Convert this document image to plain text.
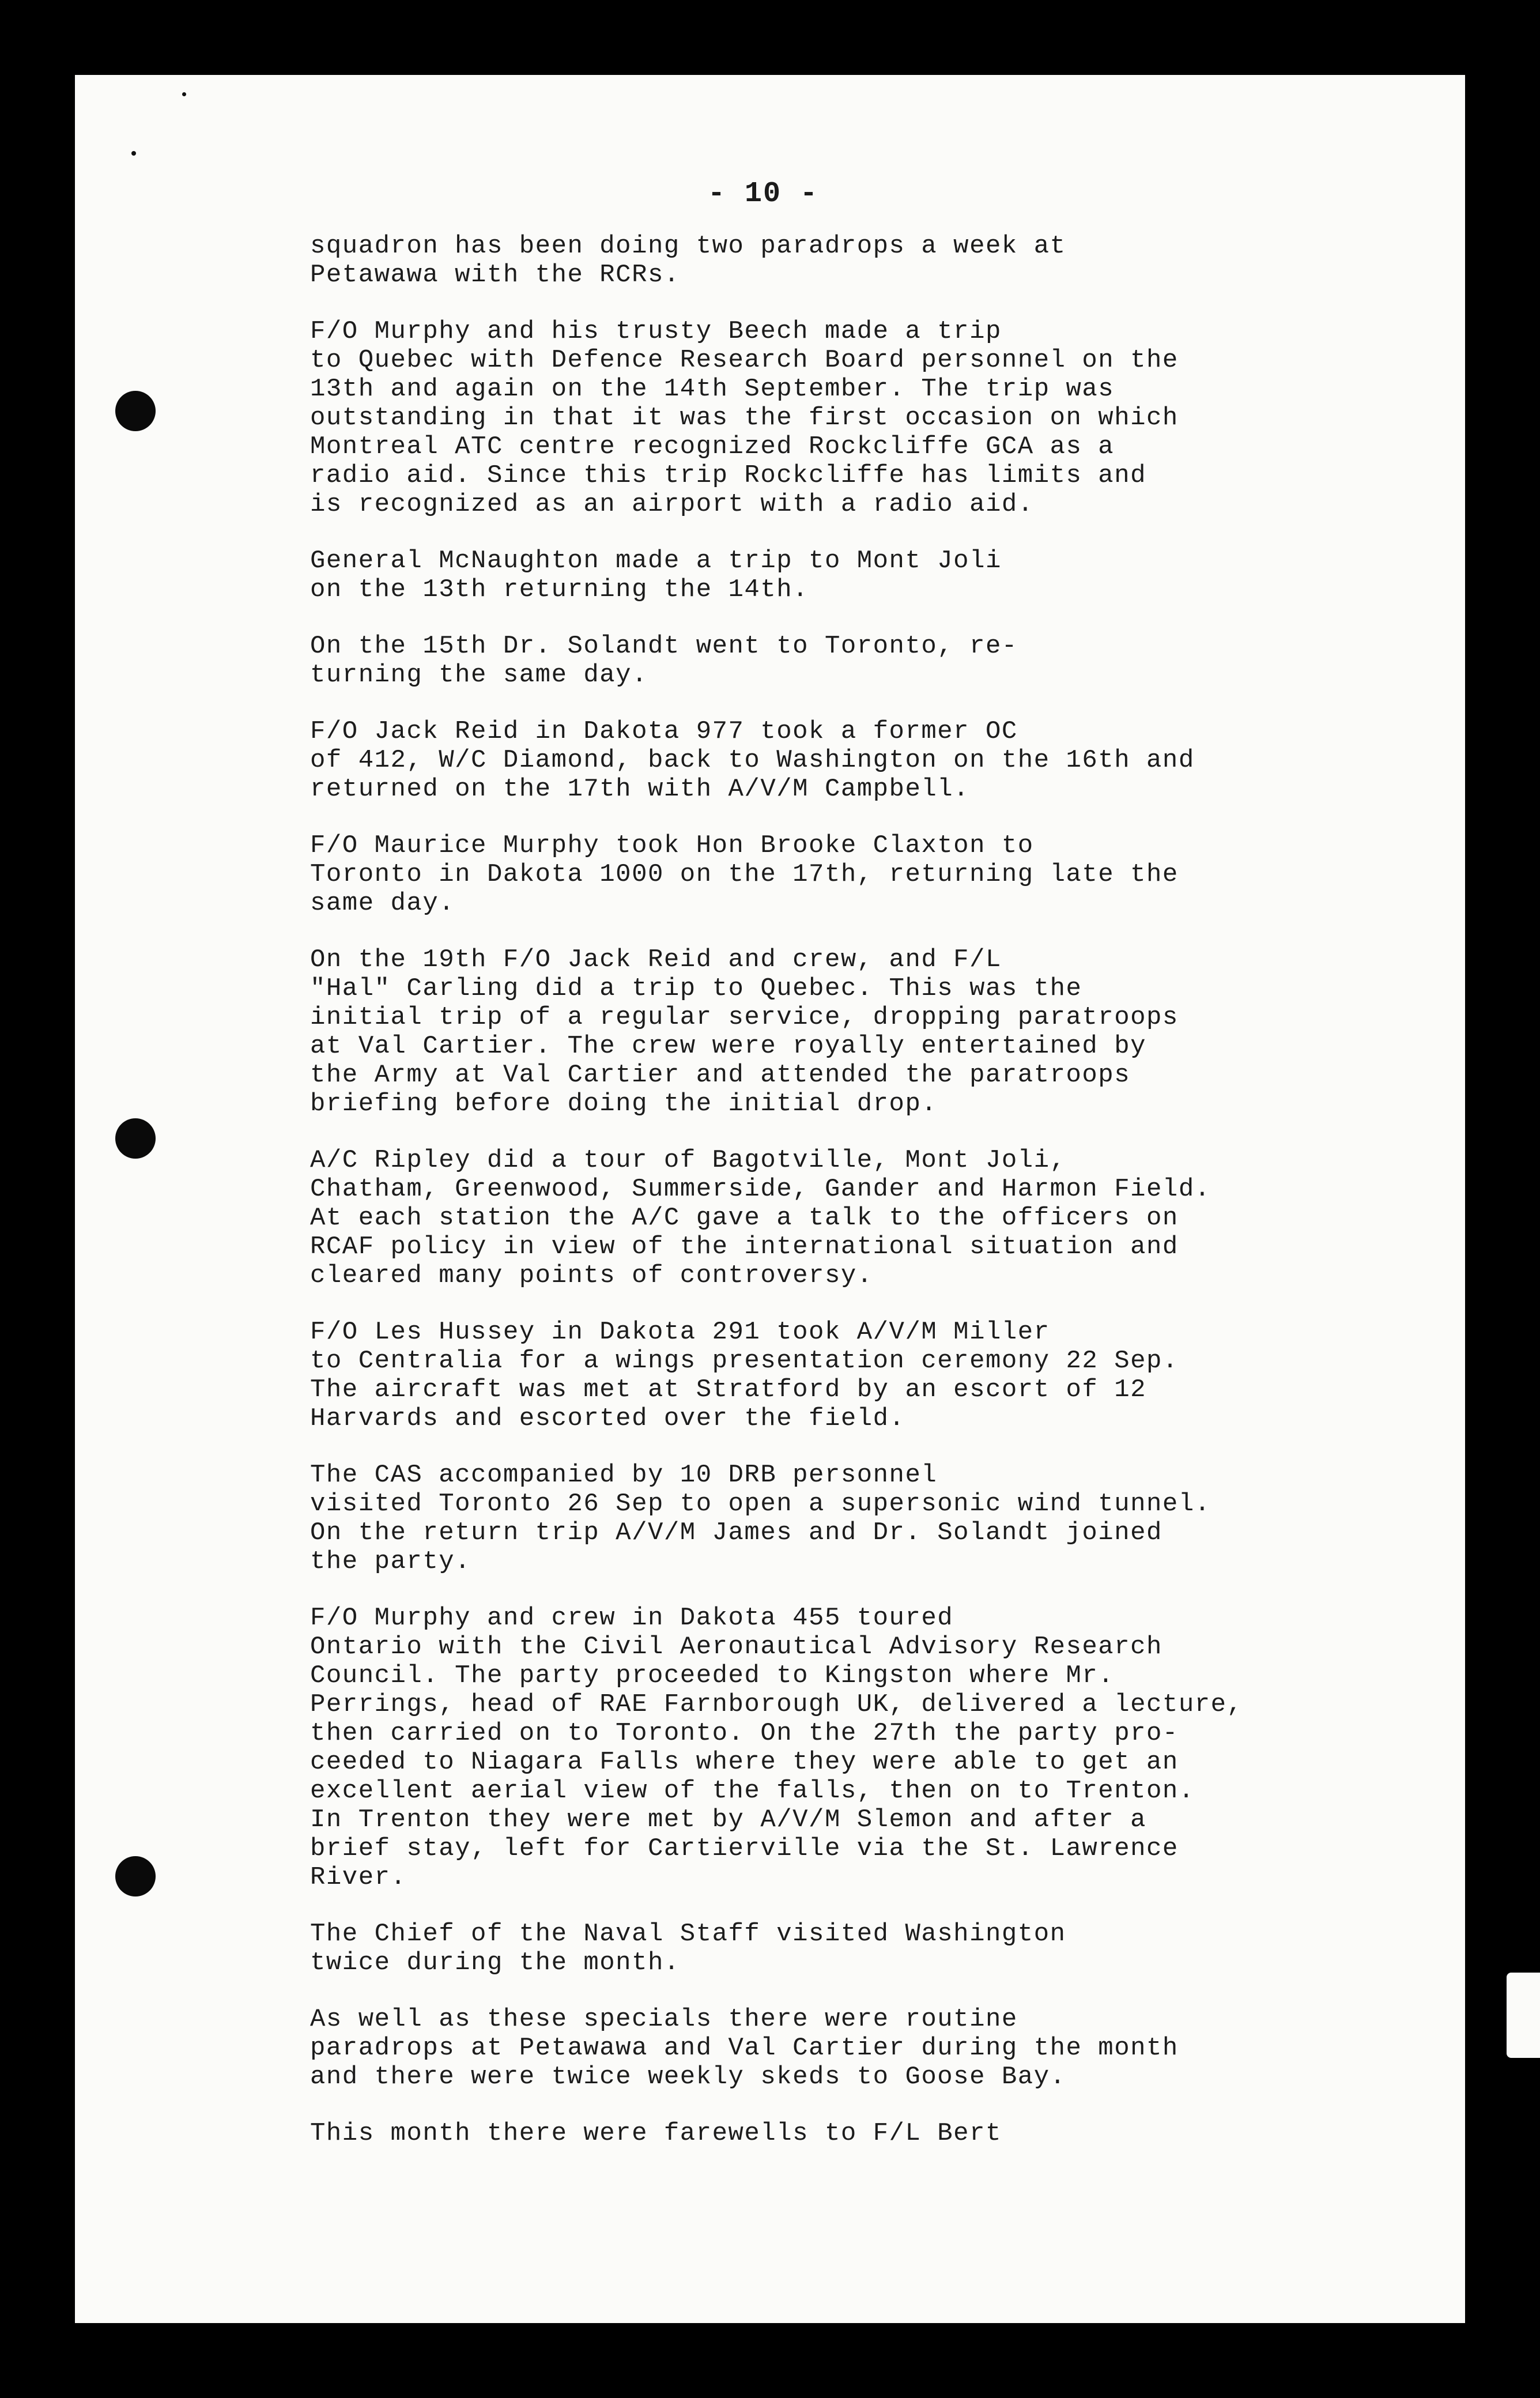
- 10 -
squadron has been doing two paradrops a week at
Petawawa with the RCRs.
F/O Murphy and his trusty Beech made a trip
to Quebec with Defence Research Board personnel on the
13th and again on the 14th September. The trip was
outstanding in that it was the first occasion on which
Montreal ATC centre recognized Rockcliffe GCA as a
radio aid. Since this trip Rockcliffe has limits and
is recognized as an airport with a radio aid.
General McNaughton made a trip to Mont Joli
on the 13th returning the 14th.
On the 15th Dr. Solandt went to Toronto, re-
turning the same day.
F/O Jack Reid in Dakota 977 took a former OC
of 412, W/C Diamond, back to Washington on the 16th and
returned on the 17th with A/V/M Campbell.
F/O Maurice Murphy took Hon Brooke Claxton to
Toronto in Dakota 1000 on the 17th, returning late the
same day.
On the 19th F/O Jack Reid and crew, and F/L
"Hal" Carling did a trip to Quebec. This was the
initial trip of a regular service, dropping paratroops
at Val Cartier. The crew were royally entertained by
the Army at Val Cartier and attended the paratroops
briefing before doing the initial drop.
A/C Ripley did a tour of Bagotville, Mont Joli,
Chatham, Greenwood, Summerside, Gander and Harmon Field.
At each station the A/C gave a talk to the officers on
RCAF policy in view of the international situation and
cleared many points of controversy.
F/O Les Hussey in Dakota 291 took A/V/M Miller
to Centralia for a wings presentation ceremony 22 Sep.
The aircraft was met at Stratford by an escort of 12
Harvards and escorted over the field.
The CAS accompanied by 10 DRB personnel
visited Toronto 26 Sep to open a supersonic wind tunnel.
On the return trip A/V/M James and Dr. Solandt joined
the party.
F/O Murphy and crew in Dakota 455 toured
Ontario with the Civil Aeronautical Advisory Research
Council. The party proceeded to Kingston where Mr.
Perrings, head of RAE Farnborough UK, delivered a lecture,
then carried on to Toronto. On the 27th the party pro-
ceeded to Niagara Falls where they were able to get an
excellent aerial view of the falls, then on to Trenton.
In Trenton they were met by A/V/M Slemon and after a
brief stay, left for Cartierville via the St. Lawrence
River.
The Chief of the Naval Staff visited Washington
twice during the month.
As well as these specials there were routine
paradrops at Petawawa and Val Cartier during the month
and there were twice weekly skeds to Goose Bay.
This month there were farewells to F/L Bert
